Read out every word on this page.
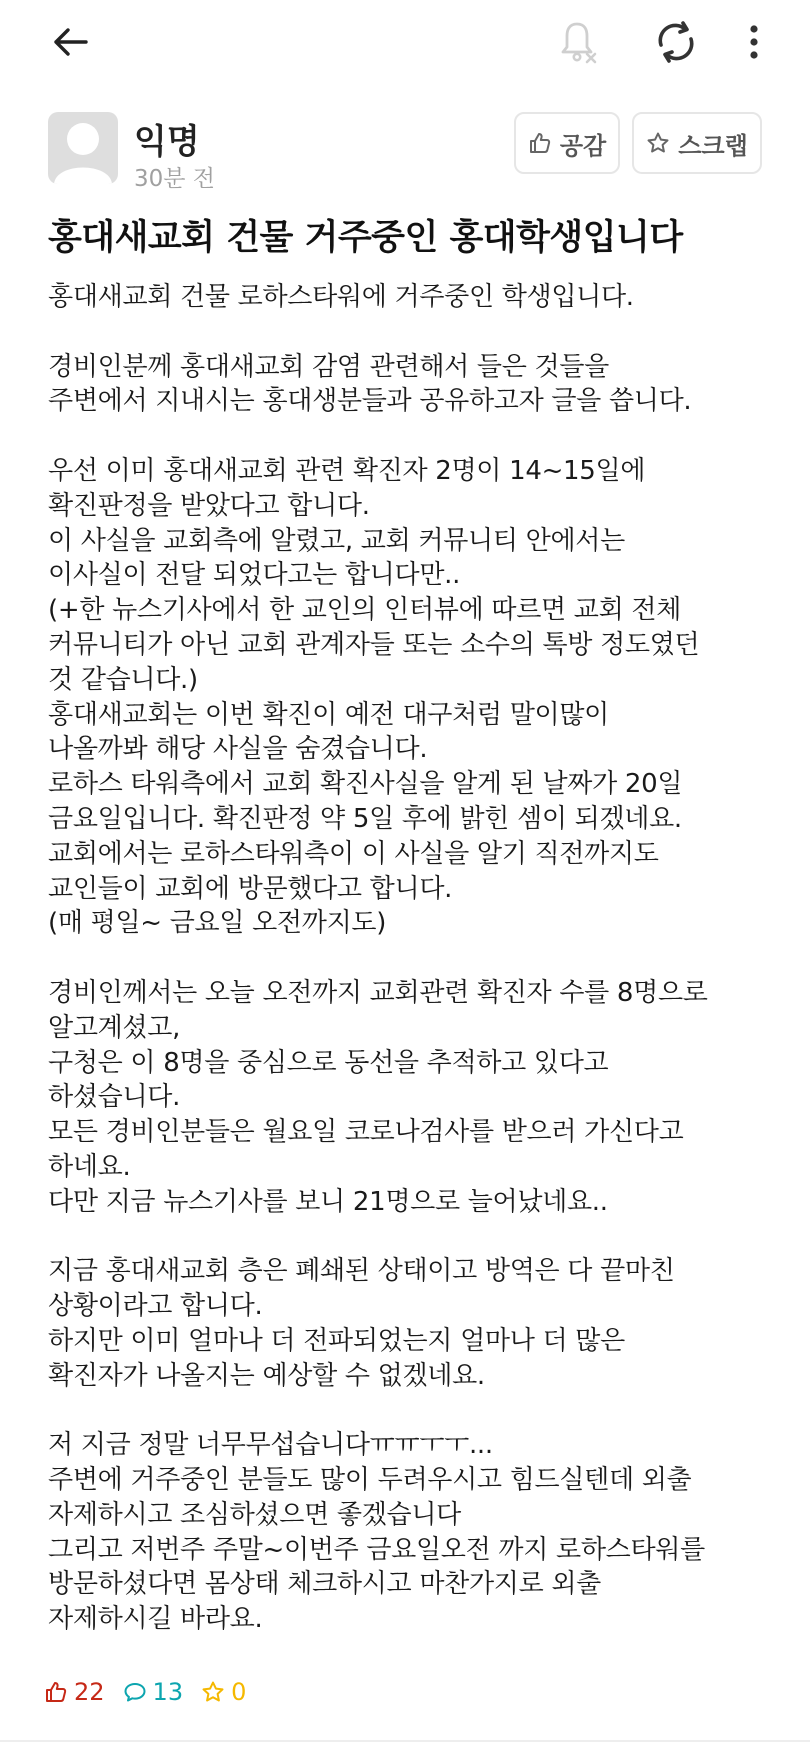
익명
30분 전
공감	스크랩
홍대새교회 건물 거주중인 홍대학생입니다
홍대새교회 건물 로하스타워에 거주중인 학생입니다.
경비인분께 홍대새교회 감염 관련해서 들은 것들을
주변에서 지내시는 홍대생분들과 공유하고자 글을 씁니다.
우선 이미 홍대새교회 관련 확진자 2명이 14~15일에
확진판정을 받았다고 합니다.
이 사실을 교회측에 알렸고, 교회 커뮤니티 안에서는
이사실이 전달 되었다고는 합니다만..
(+한 뉴스기사에서 한 교인의 인터뷰에 따르면 교회 전체
커뮤니티가 아닌 교회 관계자들 또는 소수의 톡방 정도였던
것 같습니다.)
홍대새교회는 이번 확진이 예전 대구처럼 말이많이
나올까봐 해당 사실을 숨겼습니다.
로하스 타워측에서 교회 확진사실을 알게 된 날짜가 20일
금요일입니다. 확진판정 약 5일 후에 밝힌 셈이 되겠네요.
교회에서는 로하스타워측이 이 사실을 알기 직전까지도
교인들이 교회에 방문했다고 합니다.
(매 평일~ 금요일 오전까지도)
경비인께서는 오늘 오전까지 교회관련 확진자 수를 8명으로
알고계셨고,
구청은 이 8명을 중심으로 동선을 추적하고 있다고
하셨습니다.
모든 경비인분들은 월요일 코로나검사를 받으러 가신다고
하네요.
다만 지금 뉴스기사를 보니 21명으로 늘어났네요..
지금 홍대새교회 층은 폐쇄된 상태이고 방역은 다 끝마친
상황이라고 합니다.
하지만 이미 얼마나 더 전파되었는지 얼마나 더 많은
확진자가 나올지는 예상할 수 없겠네요.
저 지금 정말 너무무섭습니다ㅠㅠㅜㅜ...
주변에 거주중인 분들도 많이 두려우시고 힘드실텐데 외출
자제하시고 조심하셨으면 좋겠습니다
그리고 저번주 주말~이번주 금요일오전 까지 로하스타워를
방문하셨다면 몸상태 체크하시고 마찬가지로 외출
자제하시길 바라요.
22 13 0
